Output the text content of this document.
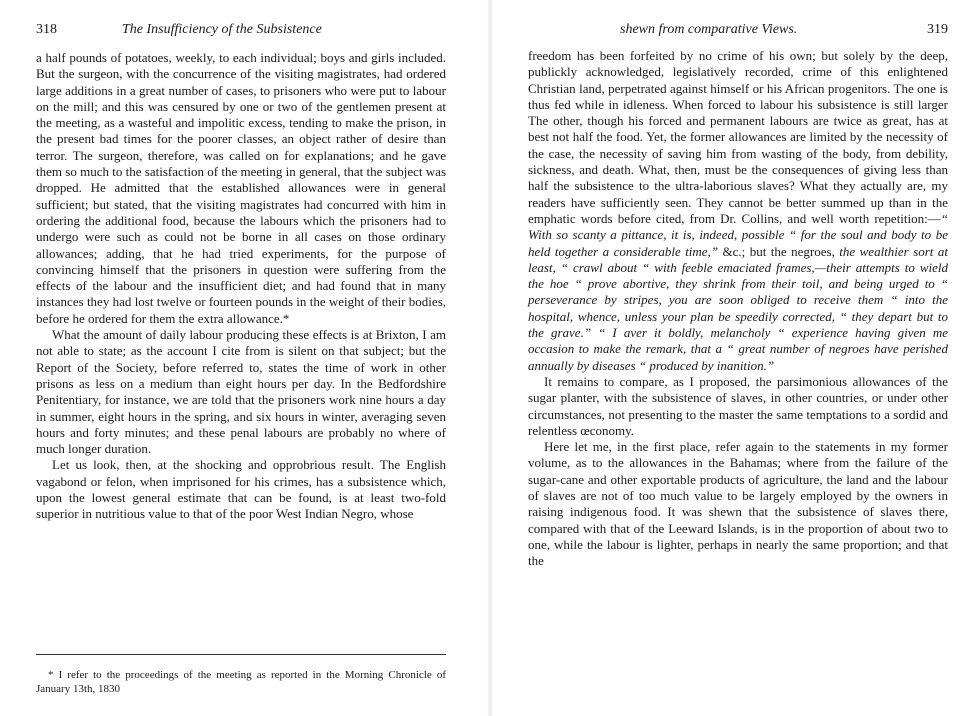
318	The Insufficiency of the Subsistence

a half pounds of potatoes, weekly, to each individual; boys and girls included. But the surgeon, with the concurrence of the visiting magistrates, had ordered large additions in a great number of cases, to prisoners who were put to labour on the mill; and this was censured by one or two of the gentlemen present at the meeting, as a wasteful and impolitic excess, tending to make the prison, in the present bad times for the poorer classes, an object rather of desire than terror. The surgeon, therefore, was called on for explanations; and he gave them so much to the satisfaction of the meeting in general, that the subject was dropped. He admitted that the established allowances were in general sufficient; but stated, that the visiting magistrates had concurred with him in ordering the additional food, because the labours which the prisoners had to undergo were such as could not be borne in all cases on those ordinary allowances; adding, that he had tried experiments, for the purpose of convincing himself that the prisoners in question were suffering from the effects of the labour and the insufficient diet; and had found that in many instances they had lost twelve or fourteen pounds in the weight of their bodies, before he ordered for them the extra allowance.*

What the amount of daily labour producing these effects is at Brixton, I am not able to state; as the account I cite from is silent on that subject; but the Report of the Society, before referred to, states the time of work in other prisons as less on a medium than eight hours per day. In the Bedfordshire Penitentiary, for instance, we are told that the prisoners work nine hours a day in summer, eight hours in the spring, and six hours in winter, averaging seven hours and forty minutes; and these penal labours are probably no where of much longer duration.

Let us look, then, at the shocking and opprobrious result. The English vagabond or felon, when imprisoned for his crimes, has a subsistence which, upon the lowest general estimate that can be found, is at least two-fold superior in nutritious value to that of the poor West Indian Negro, whose

* I refer to the proceedings of the meeting as reported in the Morning Chronicle of January 13th, 1830
shewn from comparative Views.	319

freedom has been forfeited by no crime of his own; but solely by the deep, publickly acknowledged, legislatively recorded, crime of this enlightened Christian land, perpetrated against himself or his African progenitors. The one is thus fed while in idleness. When forced to labour his subsistence is still larger The other, though his forced and permanent labours are twice as great, has at best not half the food. Yet, the former allowances are limited by the necessity of the case, the necessity of saving him from wasting of the body, from debility, sickness, and death. What, then, must be the consequences of giving less than half the subsistence to the ultra-laborious slaves? What they actually are, my readers have sufficiently seen. They cannot be better summed up than in the emphatic words before cited, from Dr. Collins, and well worth repetition:—“ With so scanty a pittance, it is, indeed, possible “ for the soul and body to be held together a considerable time,” &c.; but the negroes, the wealthier sort at least, “ crawl about “ with feeble emaciated frames,—their attempts to wield the hoe “ prove abortive, they shrink from their toil, and being urged to “ perseverance by stripes, you are soon obliged to receive them “ into the hospital, whence, unless your plan be speedily corrected, “ they depart but to the grave.” “ I aver it boldly, melancholy “ experience having given me occasion to make the remark, that a “ great number of negroes have perished annually by diseases “ produced by inanition.”

It remains to compare, as I proposed, the parsimonious allowances of the sugar planter, with the subsistence of slaves, in other countries, or under other circumstances, not presenting to the master the same temptations to a sordid and relentless œconomy.

Here let me, in the first place, refer again to the statements in my former volume, as to the allowances in the Bahamas; where from the failure of the sugar-cane and other exportable products of agriculture, the land and the labour of slaves are not of too much value to be largely employed by the owners in raising indigenous food. It was shewn that the subsistence of slaves there, compared with that of the Leeward Islands, is in the proportion of about two to one, while the labour is lighter, perhaps in nearly the same proportion; and that the
